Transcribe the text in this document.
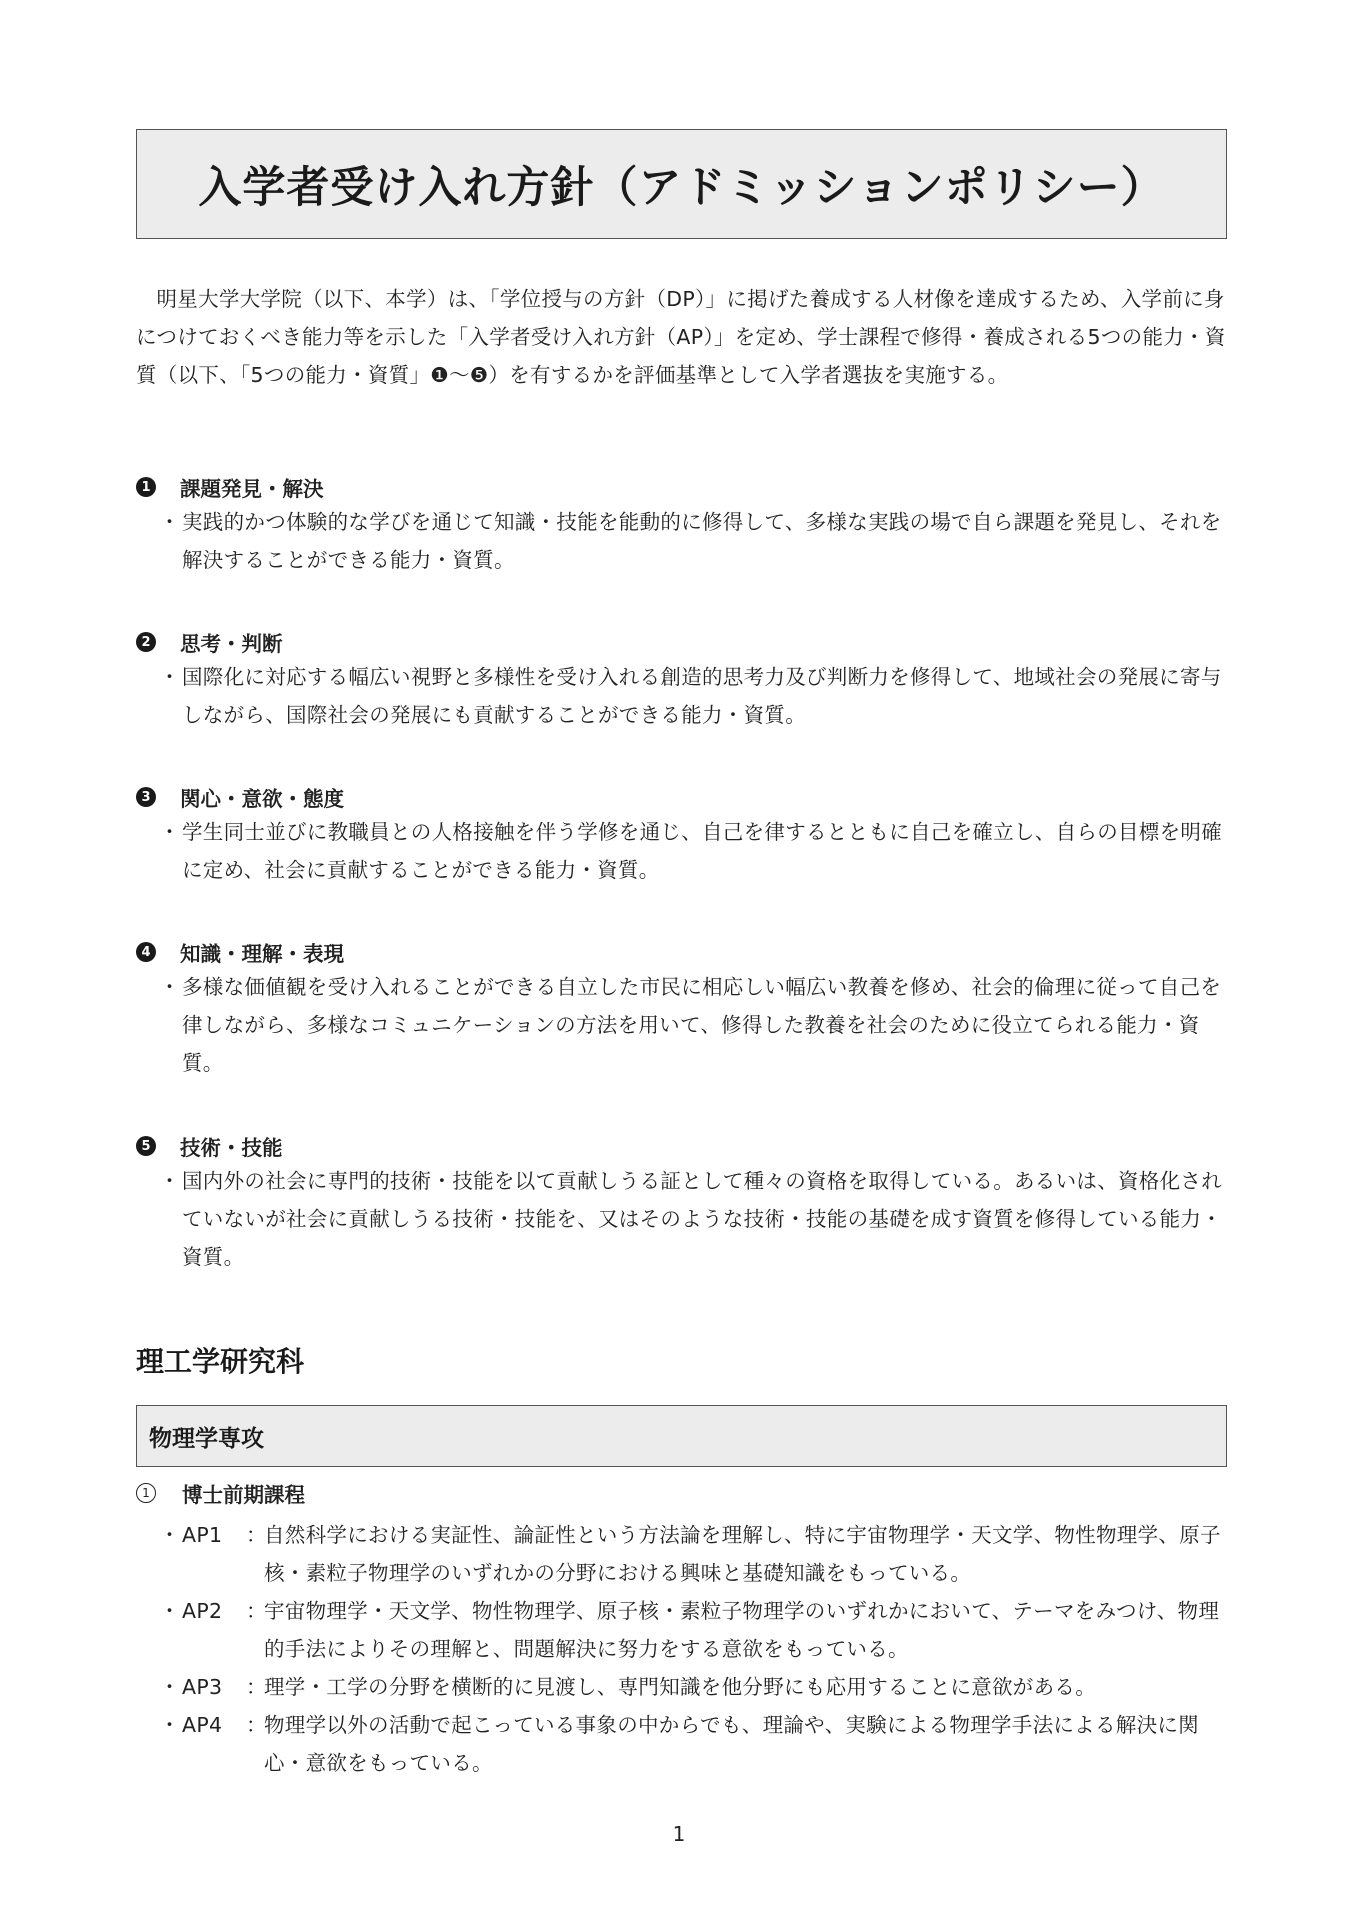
入学者受け入れ方針（アドミッションポリシー）

明星大学大学院（以下、本学）は、「学位授与の方針（DP）」に掲げた養成する人材像を達成するため、入学前に身につけておくべき能力等を示した「入学者受け入れ方針（AP）」を定め、学士課程で修得・養成される5つの能力・資質（以下、「5つの能力・資質」❶～❺）を有するかを評価基準として入学者選抜を実施する。

1 課題発見・解決
・ 実践的かつ体験的な学びを通じて知識・技能を能動的に修得して、多様な実践の場で自ら課題を発見し、それを解決することができる能力・資質。
2 思考・判断
・ 国際化に対応する幅広い視野と多様性を受け入れる創造的思考力及び判断力を修得して、地域社会の発展に寄与しながら、国際社会の発展にも貢献することができる能力・資質。
3 関心・意欲・態度
・ 学生同士並びに教職員との人格接触を伴う学修を通じ、自己を律するとともに自己を確立し、自らの目標を明確に定め、社会に貢献することができる能力・資質。
4 知識・理解・表現
・ 多様な価値観を受け入れることができる自立した市民に相応しい幅広い教養を修め、社会的倫理に従って自己を律しながら、多様なコミュニケーションの方法を用いて、修得した教養を社会のために役立てられる能力・資質。
5 技術・技能
・ 国内外の社会に専門的技術・技能を以て貢献しうる証として種々の資格を取得している。あるいは、資格化されていないが社会に貢献しうる技術・技能を、又はそのような技術・技能の基礎を成す資質を修得している能力・資質。
理工学研究科
物理学専攻
1	博士前期課程
・ AP1	：
自然科学における実証性、論証性という方法論を理解し、特に宇宙物理学・天文学、物性物理学、原子核・素粒子物理学のいずれかの分野における興味と基礎知識をもっている。
・ AP2	：
宇宙物理学・天文学、物性物理学、原子核・素粒子物理学のいずれかにおいて、テーマをみつけ、物理的手法によりその理解と、問題解決に努力をする意欲をもっている。
・ AP3	：
理学・工学の分野を横断的に見渡し、専門知識を他分野にも応用することに意欲がある。
・ AP4	：
物理学以外の活動で起こっている事象の中からでも、理論や、実験による物理学手法による解決に関心・意欲をもっている。
1
